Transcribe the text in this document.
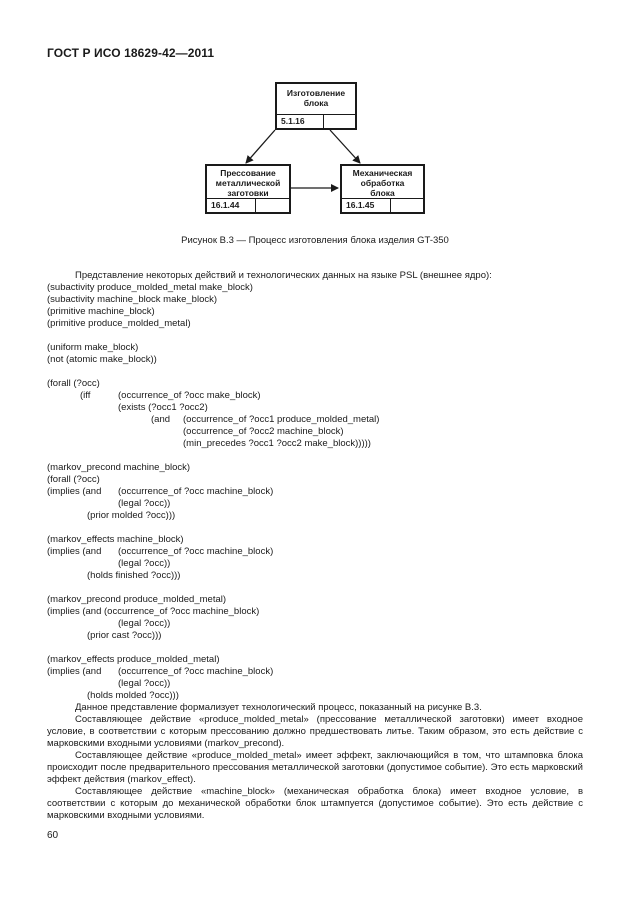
ГОСТ Р ИСО 18629-42—2011
Изготовление
блока
5.1.16
Прессование
металлической
заготовки
16.1.44
Механическая
обработка
блока
16.1.45
Рисунок В.3 — Процесс изготовления блока изделия GT-350
Представление некоторых действий и технологических данных на языке PSL (внешнее ядро):
(subactivity produce_molded_metal make_block)
(subactivity machine_block make_block)
(primitive machine_block)
(primitive produce_molded_metal)
(uniform make_block)
(not (atomic make_block))
(forall (?occ)
(iff	(occurrence_of ?occ make_block)
(exists (?occ1 ?occ2)
(and (occurrence_of ?occ1 produce_molded_metal)
(occurrence_of ?occ2 machine_block)
(min_precedes ?occ1 ?occ2 make_block)))))
(markov_precond machine_block)
(forall (?occ)
(implies (and (occurrence_of ?occ machine_block)
(legal ?occ))
(prior molded ?occ)))
(markov_effects machine_block)
(implies (and (occurrence_of ?occ machine_block)
(legal ?occ))
(holds finished ?occ)))
(markov_precond produce_molded_metal)
(implies (and (occurrence_of ?occ machine_block)
(legal ?occ))
(prior cast ?occ)))
(markov_effects produce_molded_metal)
(implies (and (occurrence_of ?occ machine_block)
(legal ?occ))
(holds molded ?occ)))
Данное представление формализует технологический процесс, показанный на рисунке В.3.
Составляющее действие «produce_molded_metal» (прессование металлической заготовки) имеет входное условие, в соответствии с которым прессованию должно предшествовать литье. Таким образом, это есть действие с марковскими входными условиями (markov_precond).
Составляющее действие «produce_molded_metal» имеет эффект, заключающийся в том, что штамповка блока происходит после предварительного прессования металлической заготовки (допустимое событие). Это есть марковский эффект действия (markov_effect).
Составляющее действие «machine_block» (механическая обработка блока) имеет входное условие, в соответствии с которым до механической обработки блок штампуется (допустимое событие). Это есть действие с марковскими входными условиями.
60
